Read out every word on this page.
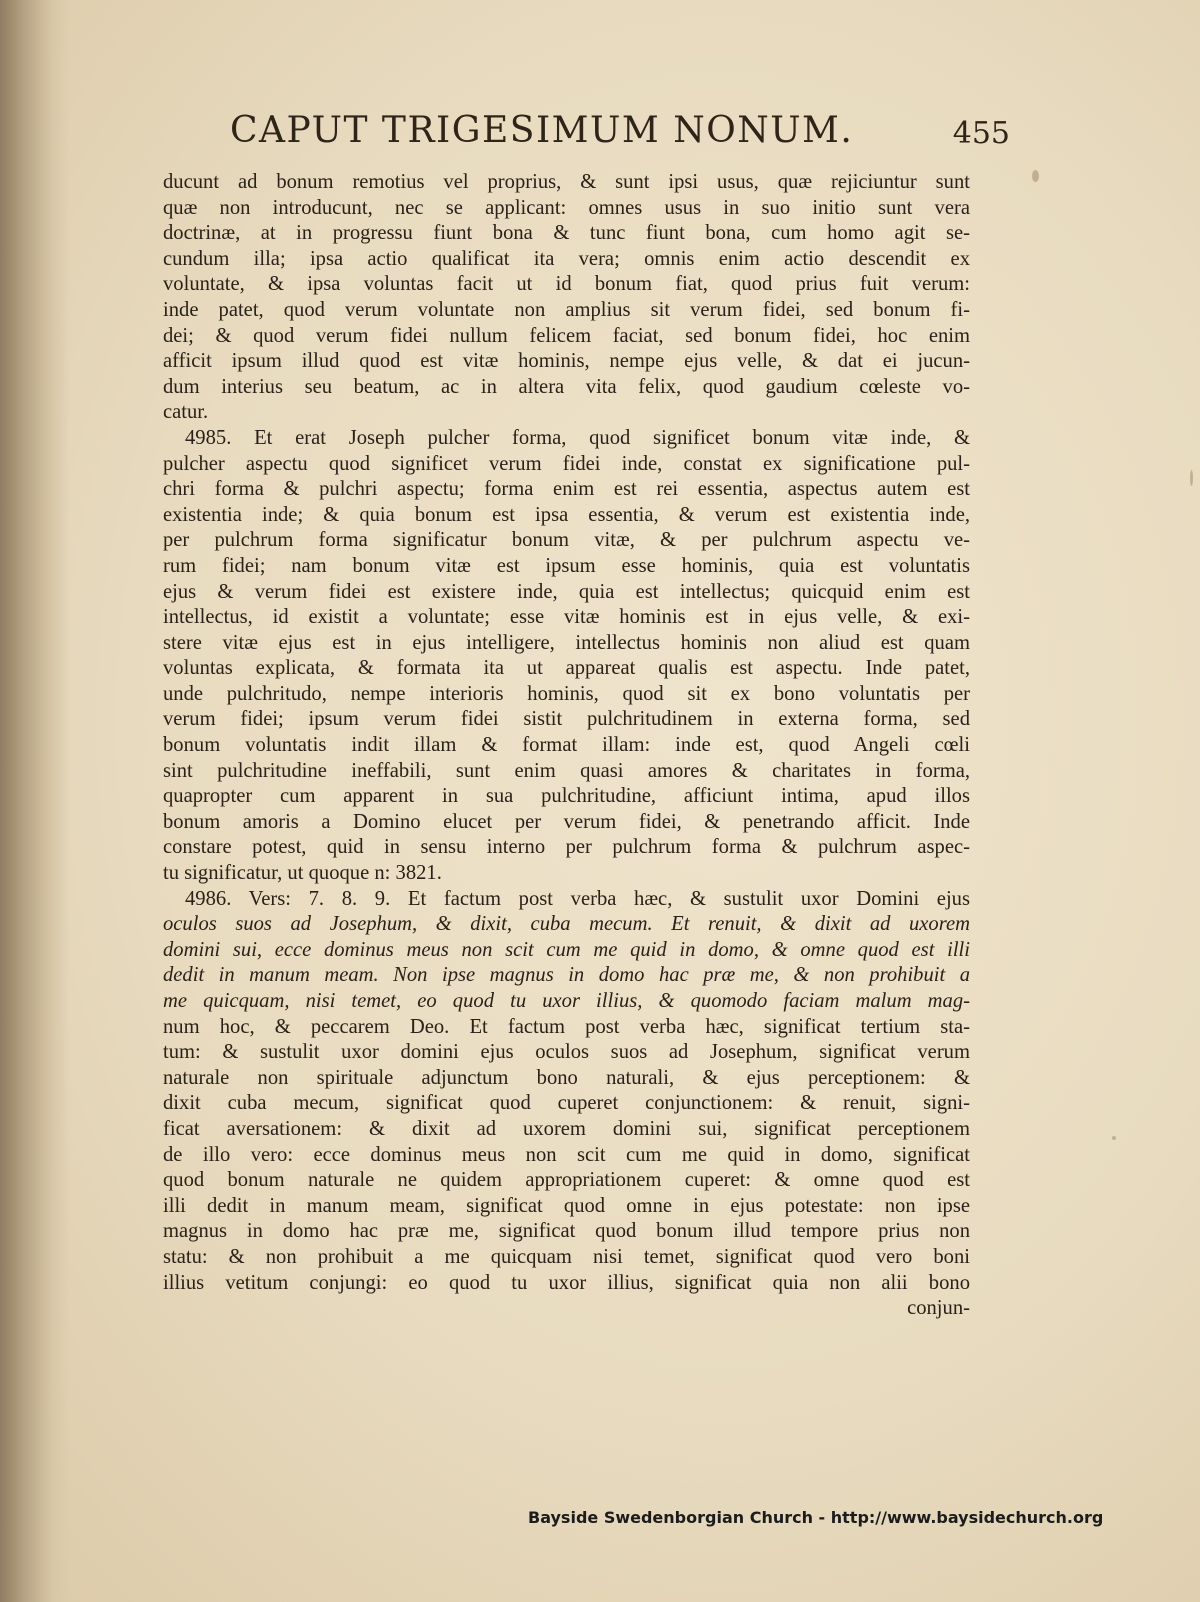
CAPUT TRIGESIMUM NONUM.	455
ducunt ad bonum remotius vel proprius, & sunt ipsi usus, quæ rejiciuntur sunt
quæ non introducunt, nec se applicant: omnes usus in suo initio sunt vera
doctrinæ, at in progressu fiunt bona & tunc fiunt bona, cum homo agit se-
cundum illa; ipsa actio qualificat ita vera; omnis enim actio descendit ex
voluntate, & ipsa voluntas facit ut id bonum fiat, quod prius fuit verum:
inde patet, quod verum voluntate non amplius sit verum fidei, sed bonum fi-
dei; & quod verum fidei nullum felicem faciat, sed bonum fidei, hoc enim
afficit ipsum illud quod est vitæ hominis, nempe ejus velle, & dat ei jucun-
dum interius seu beatum, ac in altera vita felix, quod gaudium cœleste vo-
catur.
4985. Et erat Joseph pulcher forma, quod significet bonum vitæ inde, &
pulcher aspectu quod significet verum fidei inde, constat ex significatione pul-
chri forma & pulchri aspectu; forma enim est rei essentia, aspectus autem est
existentia inde; & quia bonum est ipsa essentia, & verum est existentia inde,
per pulchrum forma significatur bonum vitæ, & per pulchrum aspectu ve-
rum fidei; nam bonum vitæ est ipsum esse hominis, quia est voluntatis
ejus & verum fidei est existere inde, quia est intellectus; quicquid enim est
intellectus, id existit a voluntate; esse vitæ hominis est in ejus velle, & exi-
stere vitæ ejus est in ejus intelligere, intellectus hominis non aliud est quam
voluntas explicata, & formata ita ut appareat qualis est aspectu. Inde patet,
unde pulchritudo, nempe interioris hominis, quod sit ex bono voluntatis per
verum fidei; ipsum verum fidei sistit pulchritudinem in externa forma, sed
bonum voluntatis indit illam & format illam: inde est, quod Angeli cœli
sint pulchritudine ineffabili, sunt enim quasi amores & charitates in forma,
quapropter cum apparent in sua pulchritudine, afficiunt intima, apud illos
bonum amoris a Domino elucet per verum fidei, & penetrando afficit. Inde
constare potest, quid in sensu interno per pulchrum forma & pulchrum aspec-
tu significatur, ut quoque n: 3821.
4986. Vers: 7. 8. 9. Et factum post verba hæc, & sustulit uxor Domini ejus
oculos suos ad Josephum, & dixit, cuba mecum. Et renuit, & dixit ad uxorem
domini sui, ecce dominus meus non scit cum me quid in domo, & omne quod est illi
dedit in manum meam. Non ipse magnus in domo hac præ me, & non prohibuit a
me quicquam, nisi temet, eo quod tu uxor illius, & quomodo faciam malum mag-
num hoc, & peccarem Deo. Et factum post verba hæc, significat tertium sta-
tum: & sustulit uxor domini ejus oculos suos ad Josephum, significat verum
naturale non spirituale adjunctum bono naturali, & ejus perceptionem: &
dixit cuba mecum, significat quod cuperet conjunctionem: & renuit, signi-
ficat aversationem: & dixit ad uxorem domini sui, significat perceptionem
de illo vero: ecce dominus meus non scit cum me quid in domo, significat
quod bonum naturale ne quidem appropriationem cuperet: & omne quod est
illi dedit in manum meam, significat quod omne in ejus potestate: non ipse
magnus in domo hac præ me, significat quod bonum illud tempore prius non
statu: & non prohibuit a me quicquam nisi temet, significat quod vero boni
illius vetitum conjungi: eo quod tu uxor illius, significat quia non alii bono
conjun-
Bayside Swedenborgian Church - http://www.baysidechurch.org
